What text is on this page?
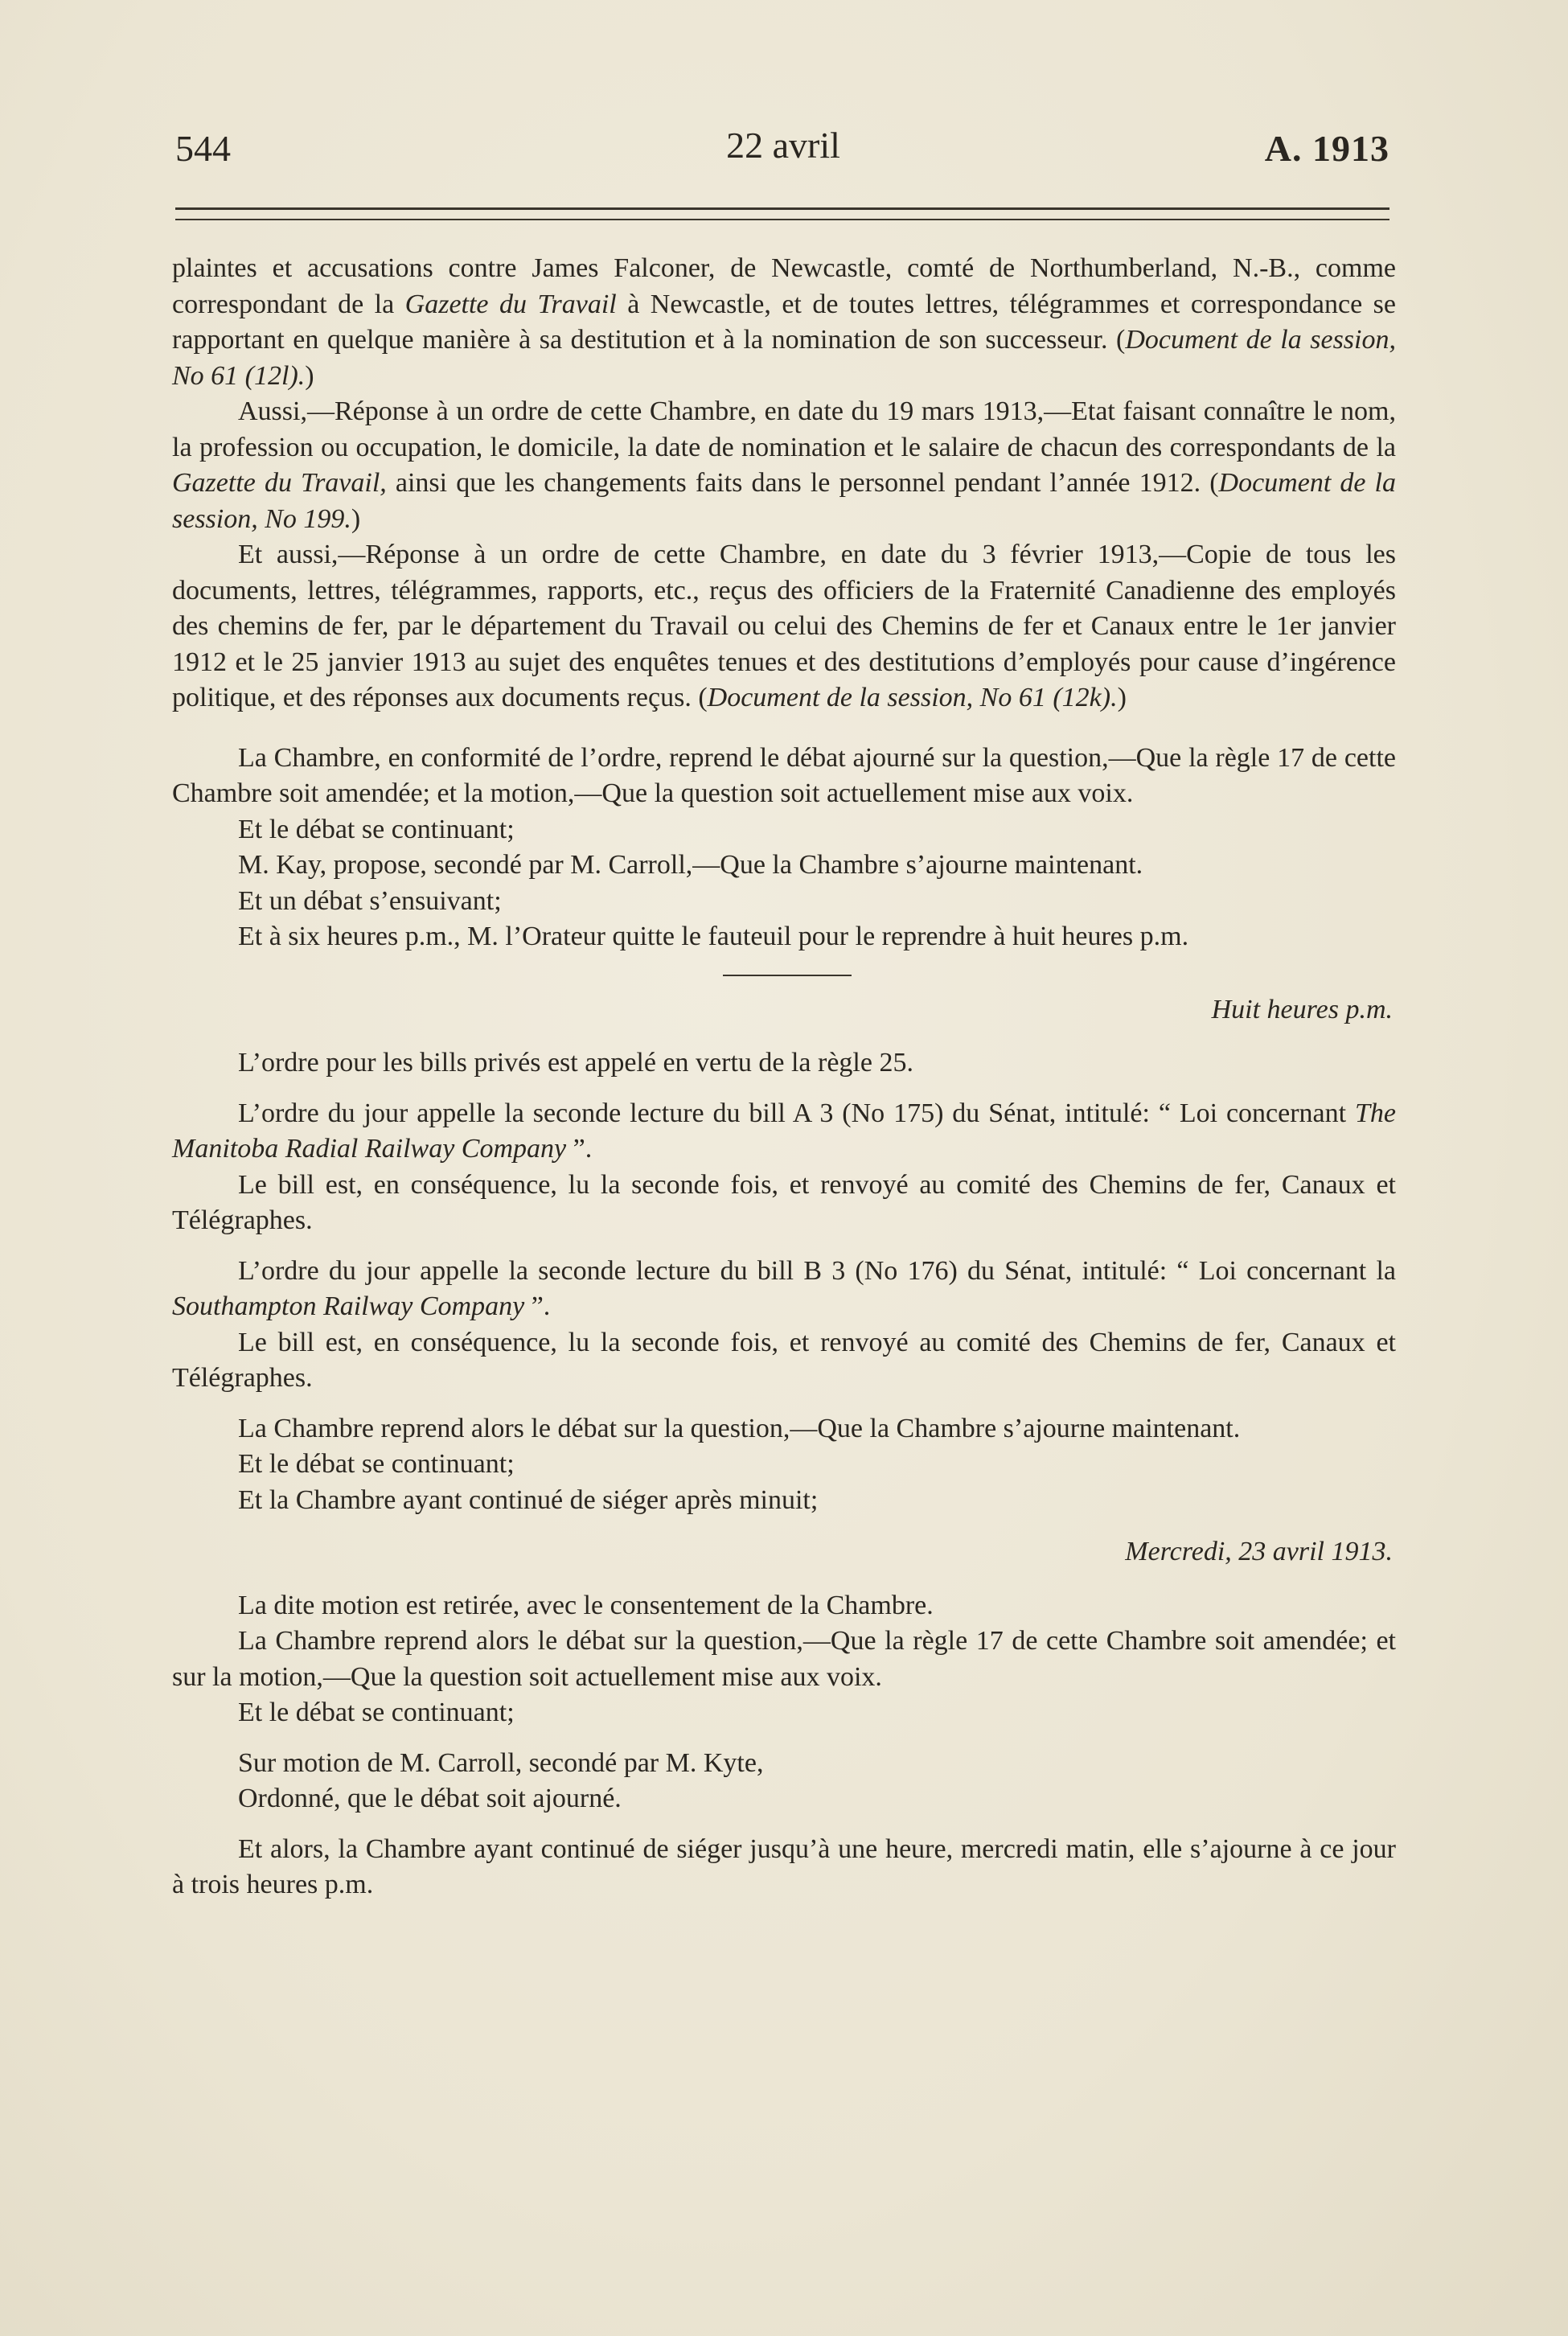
544	22 avril	A. 1913

plaintes et accusations contre James Falconer, de Newcastle, comté de Northumberland, N.-B., comme correspondant de la Gazette du Travail à Newcastle, et de toutes lettres, télégrammes et correspondance se rapportant en quelque manière à sa destitution et à la nomination de son successeur. (Document de la session, No 61 (12l).)

Aussi,—Réponse à un ordre de cette Chambre, en date du 19 mars 1913,—Etat faisant connaître le nom, la profession ou occupation, le domicile, la date de nomination et le salaire de chacun des correspondants de la Gazette du Travail, ainsi que les changements faits dans le personnel pendant l’année 1912. (Document de la session, No 199.)

Et aussi,—Réponse à un ordre de cette Chambre, en date du 3 février 1913,—Copie de tous les documents, lettres, télégrammes, rapports, etc., reçus des officiers de la Fraternité Canadienne des employés des chemins de fer, par le département du Travail ou celui des Chemins de fer et Canaux entre le 1er janvier 1912 et le 25 janvier 1913 au sujet des enquêtes tenues et des destitutions d’employés pour cause d’ingérence politique, et des réponses aux documents reçus. (Document de la session, No 61 (12k).)

La Chambre, en conformité de l’ordre, reprend le débat ajourné sur la question,—Que la règle 17 de cette Chambre soit amendée; et la motion,—Que la question soit actuellement mise aux voix.

Et le débat se continuant;

M. Kay, propose, secondé par M. Carroll,—Que la Chambre s’ajourne maintenant.

Et un débat s’ensuivant;

Et à six heures p.m., M. l’Orateur quitte le fauteuil pour le reprendre à huit heures p.m.

Huit heures p.m.

L’ordre pour les bills privés est appelé en vertu de la règle 25.

L’ordre du jour appelle la seconde lecture du bill A 3 (No 175) du Sénat, intitulé: “ Loi concernant The Manitoba Radial Railway Company ”.

Le bill est, en conséquence, lu la seconde fois, et renvoyé au comité des Chemins de fer, Canaux et Télégraphes.

L’ordre du jour appelle la seconde lecture du bill B 3 (No 176) du Sénat, intitulé: “ Loi concernant la Southampton Railway Company ”.

Le bill est, en conséquence, lu la seconde fois, et renvoyé au comité des Chemins de fer, Canaux et Télégraphes.

La Chambre reprend alors le débat sur la question,—Que la Chambre s’ajourne maintenant.

Et le débat se continuant;

Et la Chambre ayant continué de siéger après minuit;

Mercredi, 23 avril 1913.

La dite motion est retirée, avec le consentement de la Chambre.

La Chambre reprend alors le débat sur la question,—Que la règle 17 de cette Chambre soit amendée; et sur la motion,—Que la question soit actuellement mise aux voix.

Et le débat se continuant;

Sur motion de M. Carroll, secondé par M. Kyte,

Ordonné, que le débat soit ajourné.

Et alors, la Chambre ayant continué de siéger jusqu’à une heure, mercredi matin, elle s’ajourne à ce jour à trois heures p.m.
